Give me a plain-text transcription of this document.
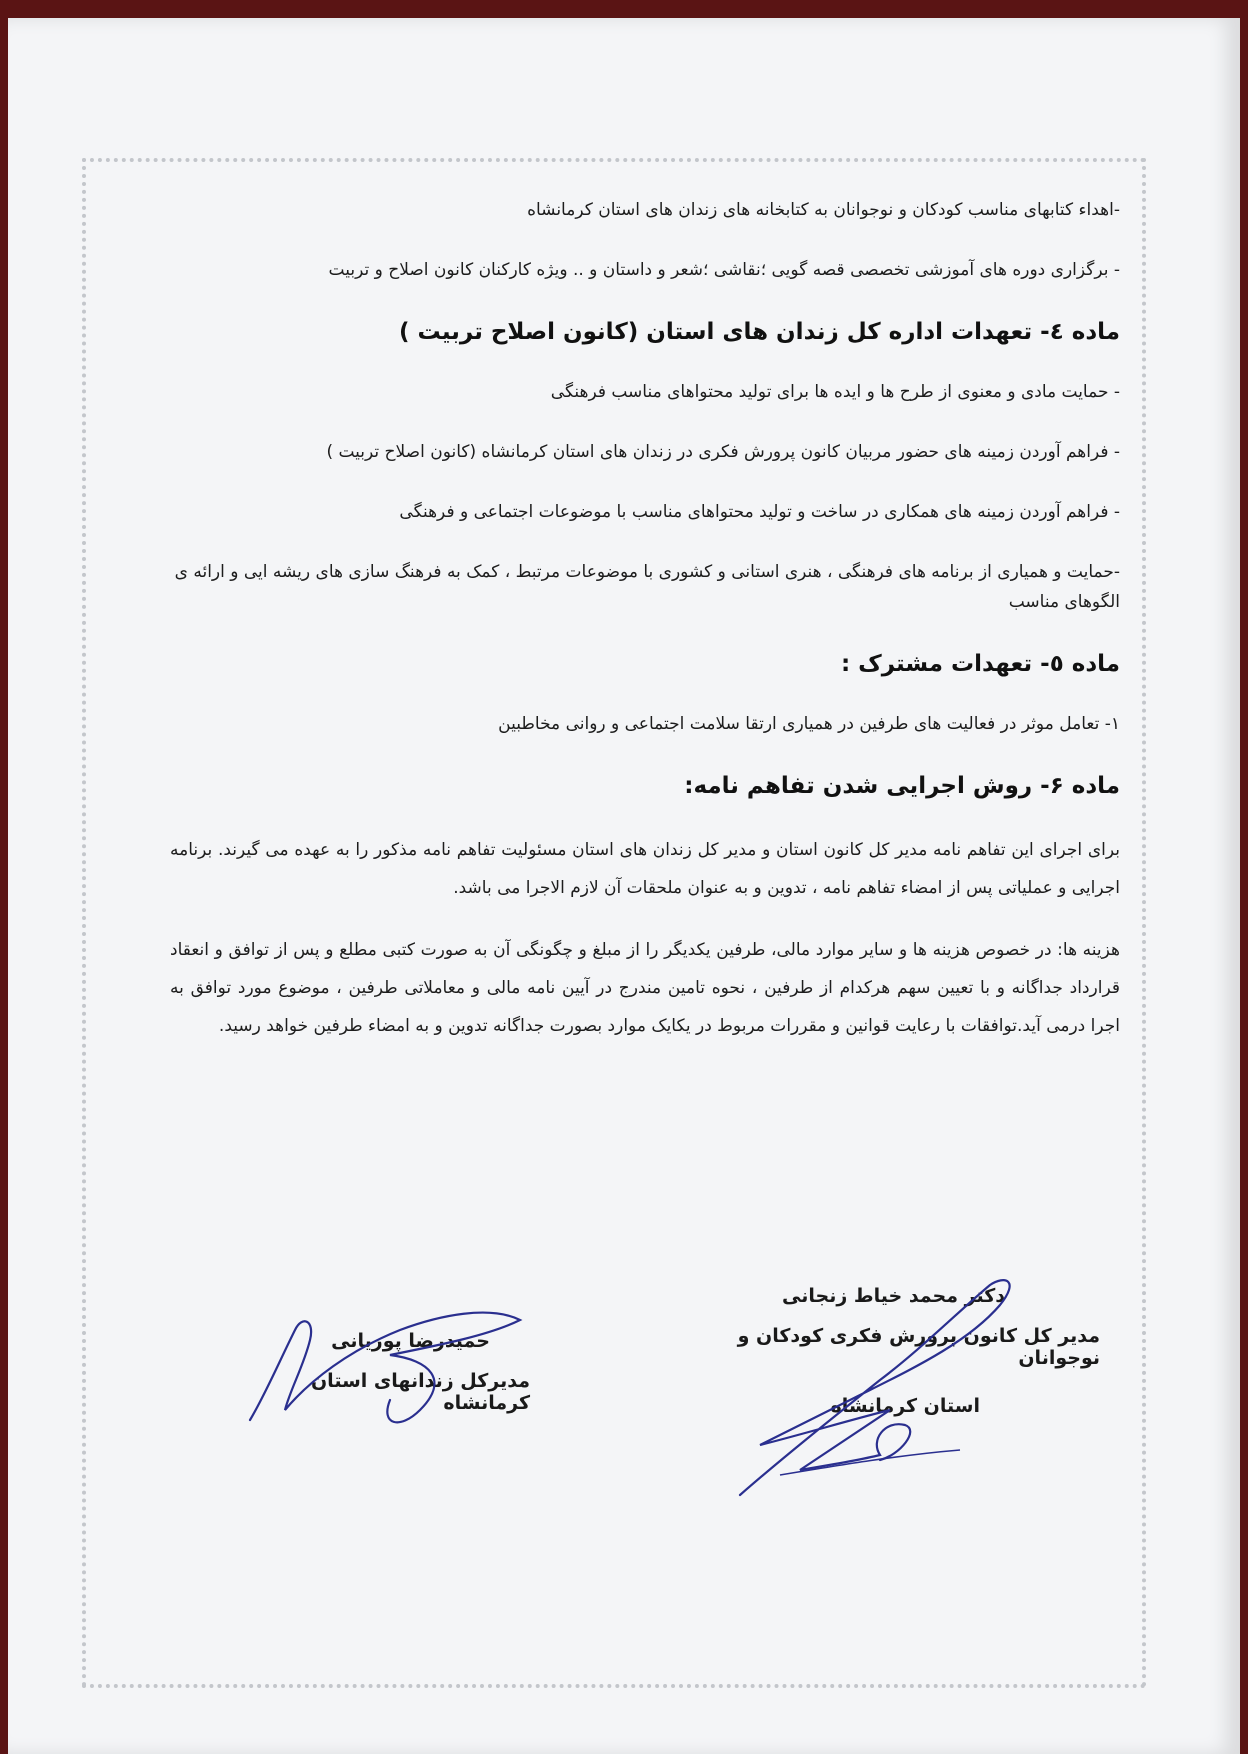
-اهداء کتابهای مناسب کودکان و نوجوانان به کتابخانه های زندان های استان کرمانشاه

- برگزاری دوره های آموزشی تخصصی قصه گویی ؛نقاشی ؛شعر و داستان و .. ویژه کارکنان کانون اصلاح و تربیت

ماده ٤- تعهدات اداره کل زندان های استان (کانون اصلاح تربیت )

- حمایت مادی و معنوی از طرح ها و ایده ها برای تولید محتواهای مناسب فرهنگی

- فراهم آوردن زمینه های حضور مربیان کانون پرورش فکری در زندان های استان کرمانشاه (کانون اصلاح تربیت )

- فراهم آوردن زمینه های همکاری در ساخت و تولید محتواهای مناسب با موضوعات اجتماعی و فرهنگی

-حمایت و همیاری از برنامه های فرهنگی ، هنری استانی و کشوری با موضوعات مرتبط ، کمک به فرهنگ سازی های ریشه ایی و ارائه ی الگوهای مناسب

ماده ٥- تعهدات مشترک :

١- تعامل موثر در فعالیت های طرفین در همیاری ارتقا سلامت اجتماعی و روانی مخاطبین

ماده ۶- روش اجرایی شدن تفاهم نامه:

برای اجرای این تفاهم نامه مدیر کل کانون استان و مدیر کل زندان های استان مسئولیت تفاهم نامه مذکور را به عهده می گیرند. برنامه اجرایی و عملیاتی پس از امضاء تفاهم نامه ، تدوین و به عنوان ملحقات آن لازم الاجرا می باشد.

هزینه ها: در خصوص هزینه ها و سایر موارد مالی، طرفین یکدیگر را از مبلغ و چگونگی آن به صورت کتبی مطلع و پس از توافق و انعقاد قرارداد جداگانه و با تعیین سهم هرکدام از طرفین ، نحوه تامین مندرج در آیین نامه مالی و معاملاتی طرفین ، موضوع مورد توافق به اجرا درمی آید.توافقات با رعایت قوانین و مقررات مربوط در یکایک موارد بصورت جداگانه تدوین و به امضاء طرفین خواهد رسید.

دکتر محمد خیاط زنجانی
مدیر کل کانون پرورش فکری کودکان و نوجوانان
استان کرمانشاه
حمیدرضا پوریانی
مدیرکل زندانهای استان کرمانشاه
